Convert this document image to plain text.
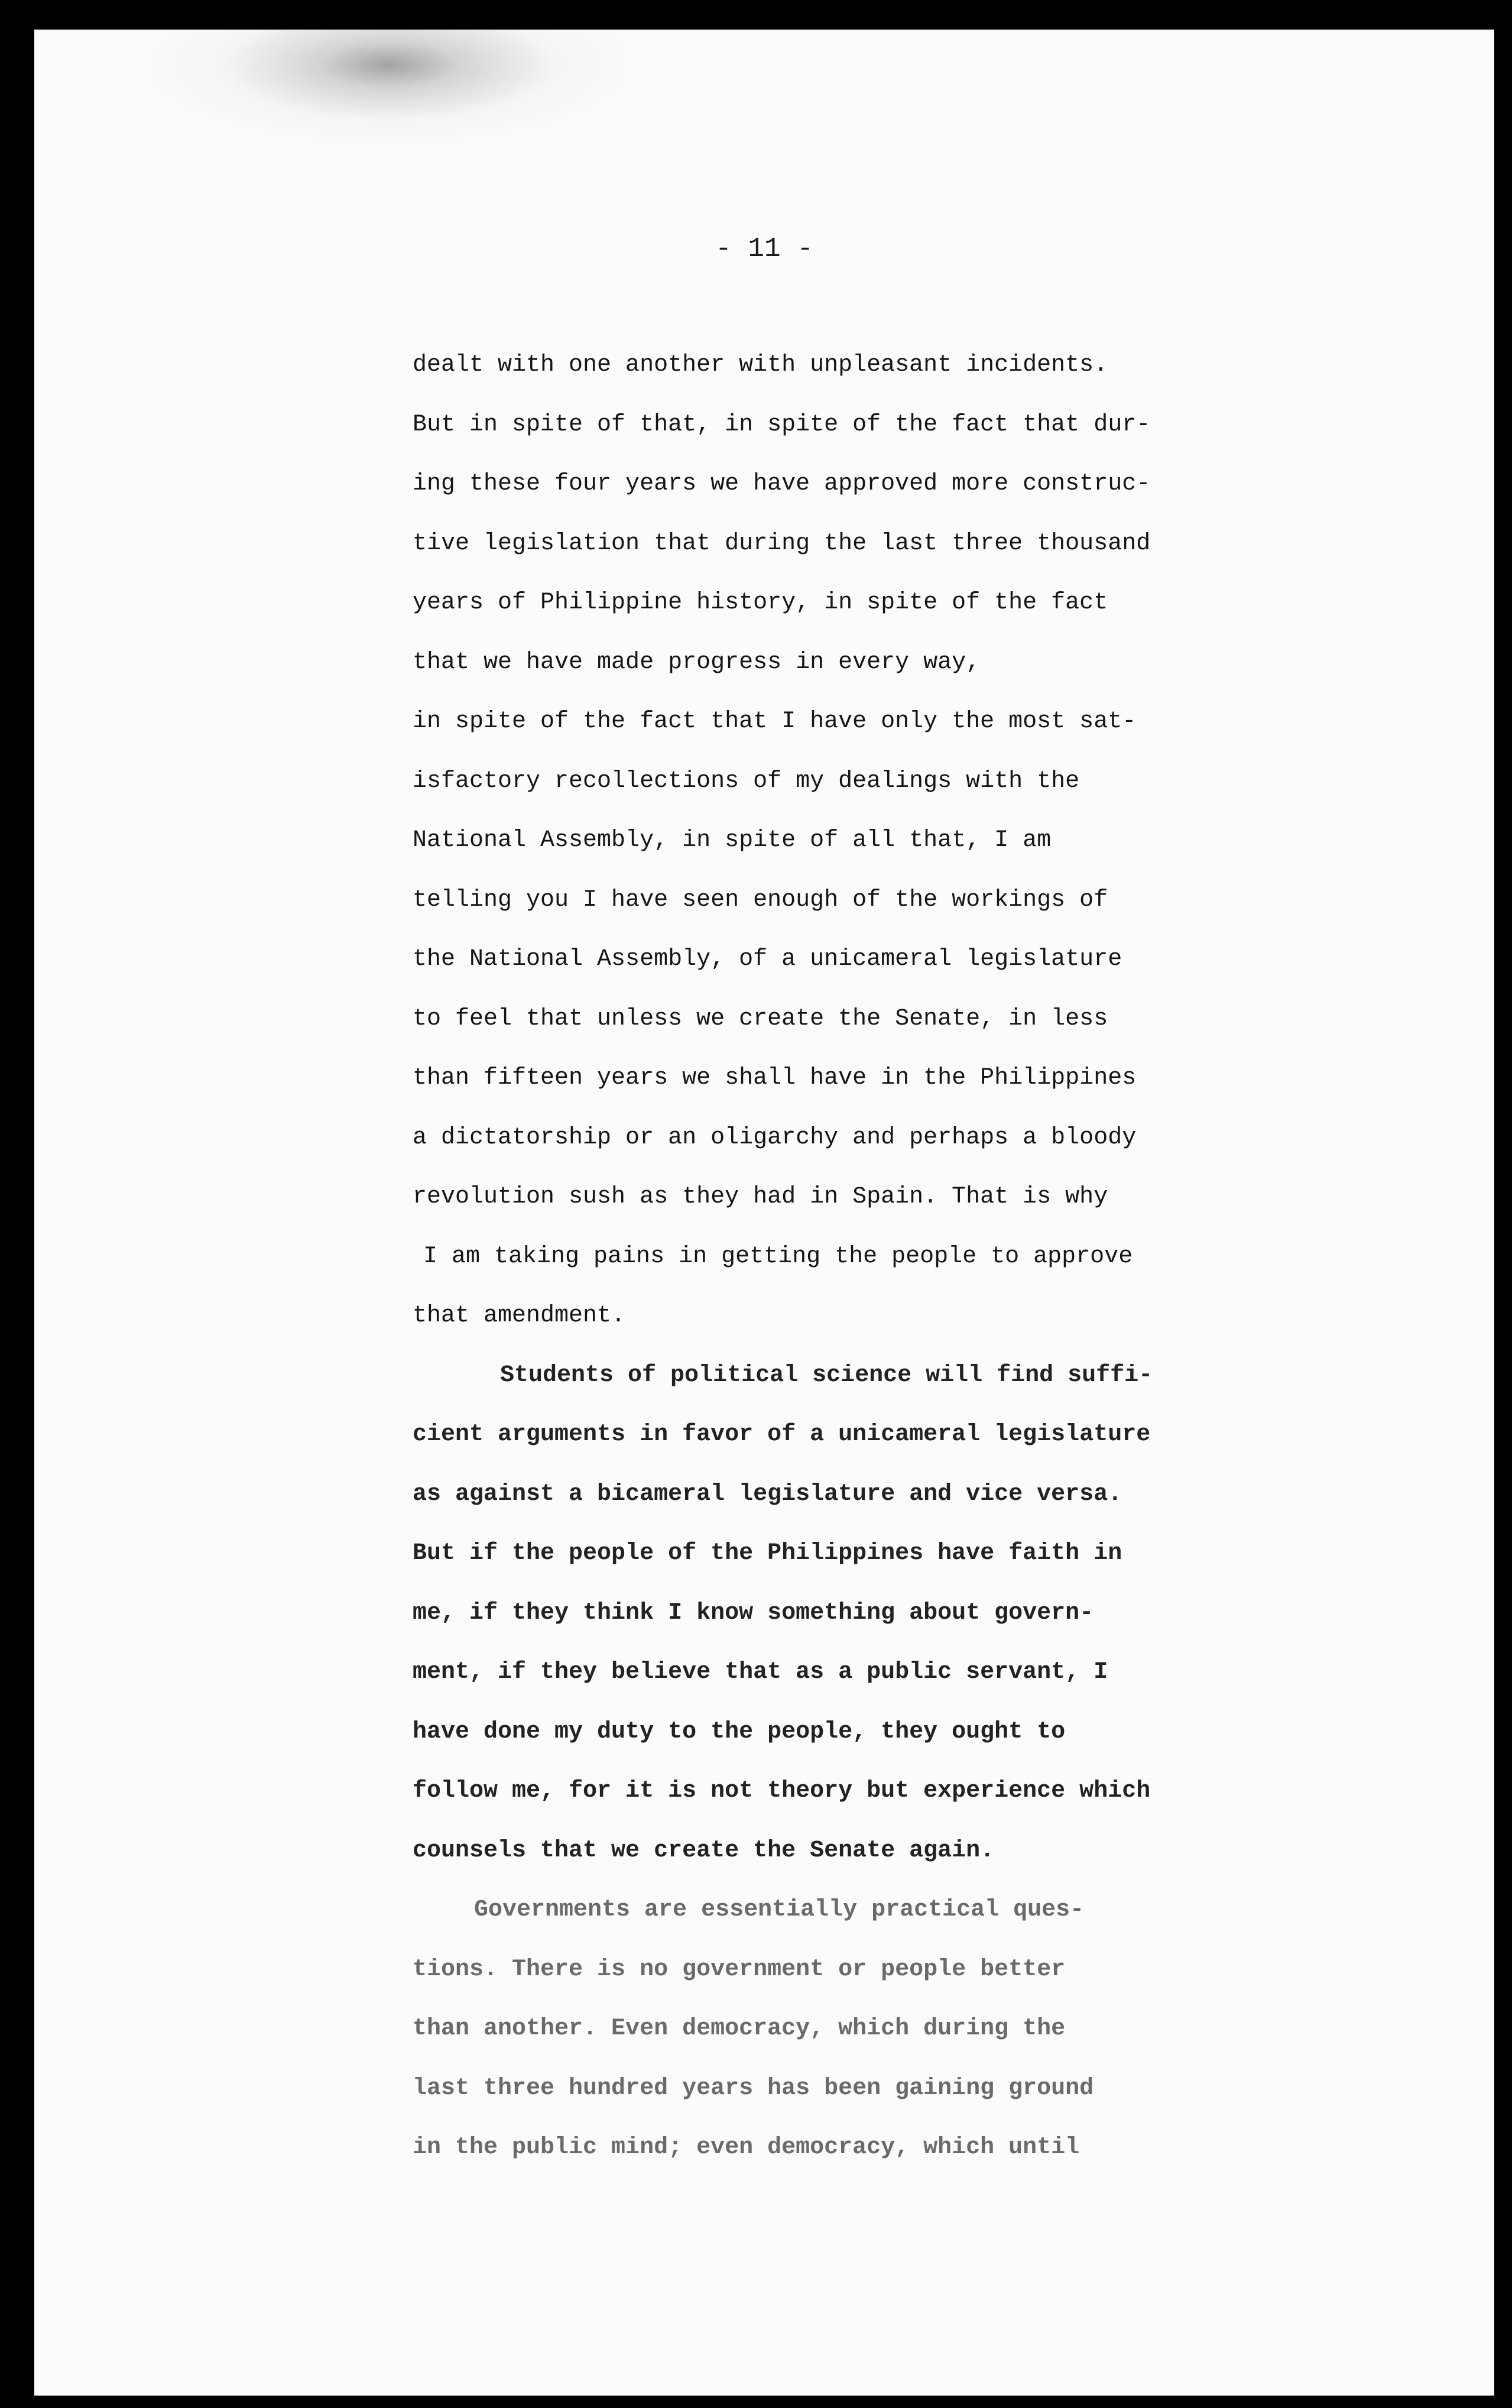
- 11 -
dealt with one another with unpleasant incidents.
But in spite of that, in spite of the fact that dur-
ing these four years we have approved more construc-
tive legislation that during the last three thousand
years of Philippine history, in spite of the fact
that we have made progress in every way,
in spite of the fact that I have only the most sat-
isfactory recollections of my dealings with the
National Assembly, in spite of all that, I am
telling you I have seen enough of the workings of
the National Assembly, of a unicameral legislature
to feel that unless we create the Senate, in less
than fifteen years we shall have in the Philippines
a dictatorship or an oligarchy and perhaps a bloody
revolution sush as they had in Spain. That is why
I am taking pains in getting the people to approve
that amendment.
Students of political science will find suffi-
cient arguments in favor of a unicameral legislature
as against a bicameral legislature and vice versa.
But if the people of the Philippines have faith in
me, if they think I know something about govern-
ment, if they believe that as a public servant, I
have done my duty to the people, they ought to
follow me, for it is not theory but experience which
counsels that we create the Senate again.
Governments are essentially practical ques-
tions. There is no government or people better
than another. Even democracy, which during the
last three hundred years has been gaining ground
in the public mind; even democracy, which until
